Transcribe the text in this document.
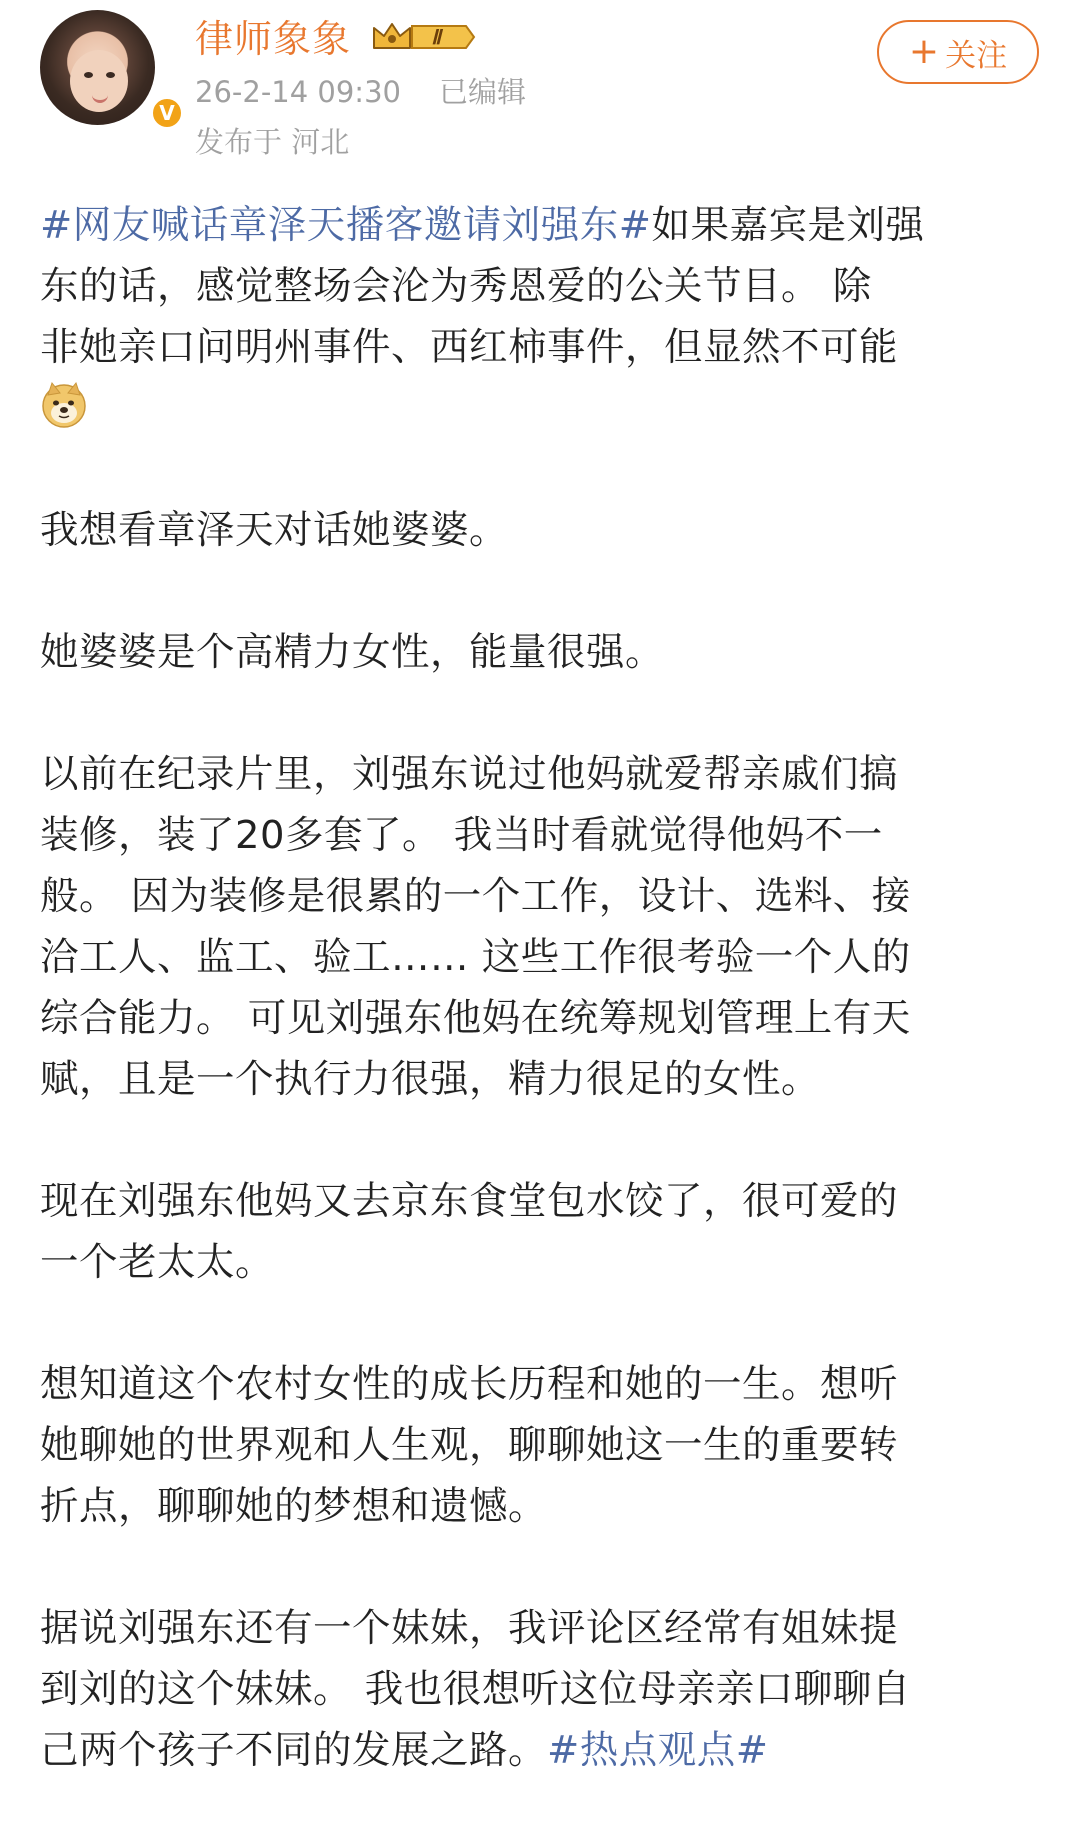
V
律师象象	Ⅱ
26-2-14 09:30 已编辑
发布于 河北
+ 关注

#网友喊话章泽天播客邀请刘强东#如果嘉宾是刘强
东的话，感觉整场会沦为秀恩爱的公关节目。 除
非她亲口问明州事件、西红柿事件，但显然不可能

我想看章泽天对话她婆婆。

她婆婆是个高精力女性，能量很强。

以前在纪录片里，刘强东说过他妈就爱帮亲戚们搞
装修，装了20多套了。 我当时看就觉得他妈不一
般。 因为装修是很累的一个工作，设计、选料、接
洽工人、监工、验工…… 这些工作很考验一个人的
综合能力。 可见刘强东他妈在统筹规划管理上有天
赋，且是一个执行力很强，精力很足的女性。

现在刘强东他妈又去京东食堂包水饺了，很可爱的
一个老太太。

想知道这个农村女性的成长历程和她的一生。想听
她聊她的世界观和人生观，聊聊她这一生的重要转
折点，聊聊她的梦想和遗憾。

据说刘强东还有一个妹妹，我评论区经常有姐妹提
到刘的这个妹妹。 我也很想听这位母亲亲口聊聊自
己两个孩子不同的发展之路。#热点观点#
